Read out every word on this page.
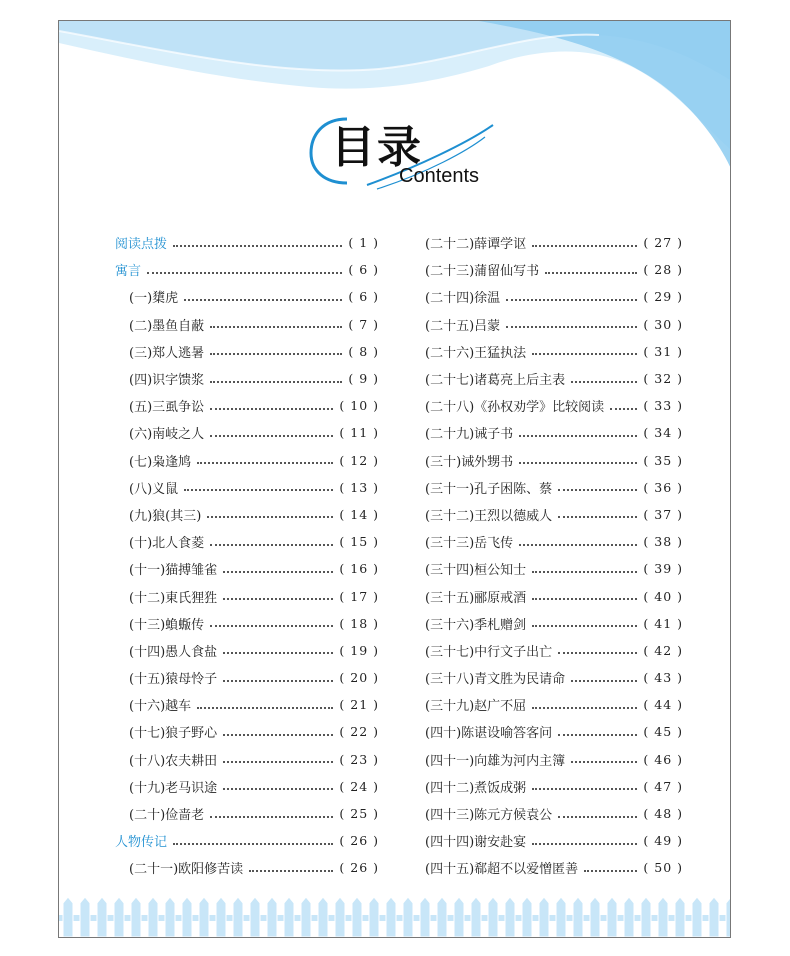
目录
Contents
阅读点拨	( 1 )
寓言	( 6 )
(一)橥虎	( 6 )
(二)墨鱼自蔽	( 7 )
(三)郑人逃暑	( 8 )
(四)识字馈浆	( 9 )
(五)三虱争讼	( 10 )
(六)南岐之人	( 11 )
(七)枭逢鸠	( 12 )
(八)义鼠	( 13 )
(九)狼(其三)	( 14 )
(十)北人食菱	( 15 )
(十一)猫搏雏雀	( 16 )
(十二)東氏狸狌	( 17 )
(十三)蝜蝂传	( 18 )
(十四)愚人食盐	( 19 )
(十五)猿母怜子	( 20 )
(十六)越车	( 21 )
(十七)狼子野心	( 22 )
(十八)农夫耕田	( 23 )
(十九)老马识途	( 24 )
(二十)俭啬老	( 25 )
人物传记	( 26 )
(二十一)欧阳修苦读	( 26 )
(二十二)薛谭学讴	( 27 )
(二十三)蒲留仙写书	( 28 )
(二十四)徐温	( 29 )
(二十五)吕蒙	( 30 )
(二十六)王猛执法	( 31 )
(二十七)诸葛亮上后主表	( 32 )
(二十八)《孙权劝学》比较阅读	( 33 )
(二十九)诫子书	( 34 )
(三十)诫外甥书	( 35 )
(三十一)孔子困陈、蔡	( 36 )
(三十二)王烈以德威人	( 37 )
(三十三)岳飞传	( 38 )
(三十四)桓公知士	( 39 )
(三十五)郦原戒酒	( 40 )
(三十六)季札赠剑	( 41 )
(三十七)中行文子出亡	( 42 )
(三十八)青文胜为民请命	( 43 )
(三十九)赵广不屈	( 44 )
(四十)陈谌设喻答客问	( 45 )
(四十一)向雄为河内主簿	( 46 )
(四十二)煮饭成粥	( 47 )
(四十三)陈元方候袁公	( 48 )
(四十四)谢安赴宴	( 49 )
(四十五)郗超不以爱憎匿善	( 50 )
